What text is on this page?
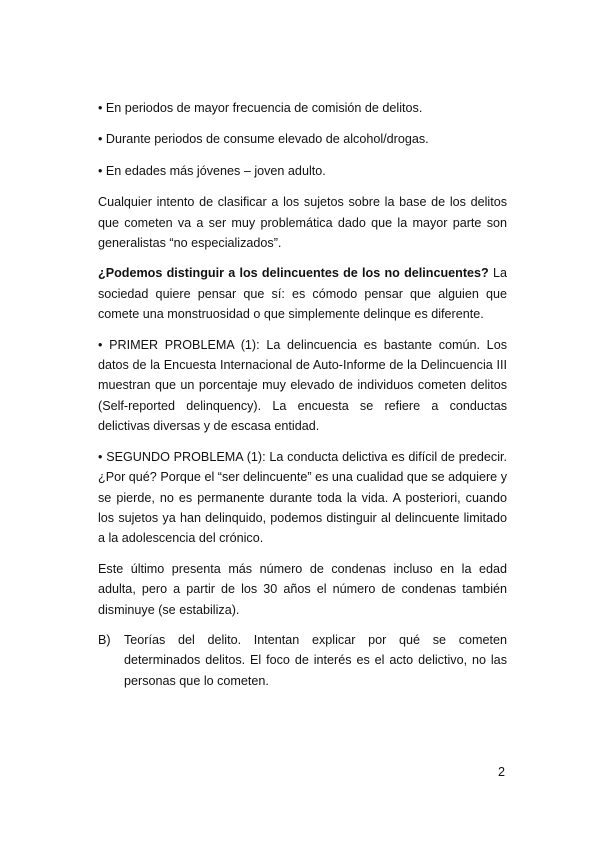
• En periodos de mayor frecuencia de comisión de delitos.

• Durante periodos de consume elevado de alcohol/drogas.

• En edades más jóvenes – joven adulto.

Cualquier intento de clasificar a los sujetos sobre la base de los delitos que cometen va a ser muy problemática dado que la mayor parte son generalistas “no especializados”.

¿Podemos distinguir a los delincuentes de los no delincuentes? La sociedad quiere pensar que sí: es cómodo pensar que alguien que comete una monstruosidad o que simplemente delinque es diferente.

• PRIMER PROBLEMA (1): La delincuencia es bastante común. Los datos de la Encuesta Internacional de Auto-Informe de la Delincuencia III muestran que un porcentaje muy elevado de individuos cometen delitos (Self-reported delinquency). La encuesta se refiere a conductas delictivas diversas y de escasa entidad.

• SEGUNDO PROBLEMA (1): La conducta delictiva es difícil de predecir. ¿Por qué? Porque el “ser delincuente” es una cualidad que se adquiere y se pierde, no es permanente durante toda la vida. A posteriori, cuando los sujetos ya han delinquido, podemos distinguir al delincuente limitado a la adolescencia del crónico.

Este último presenta más número de condenas incluso en la edad adulta, pero a partir de los 30 años el número de condenas también disminuye (se estabiliza).

B)	Teorías del delito. Intentan explicar por qué se cometen determinados delitos. El foco de interés es el acto delictivo, no las personas que lo cometen.
2
